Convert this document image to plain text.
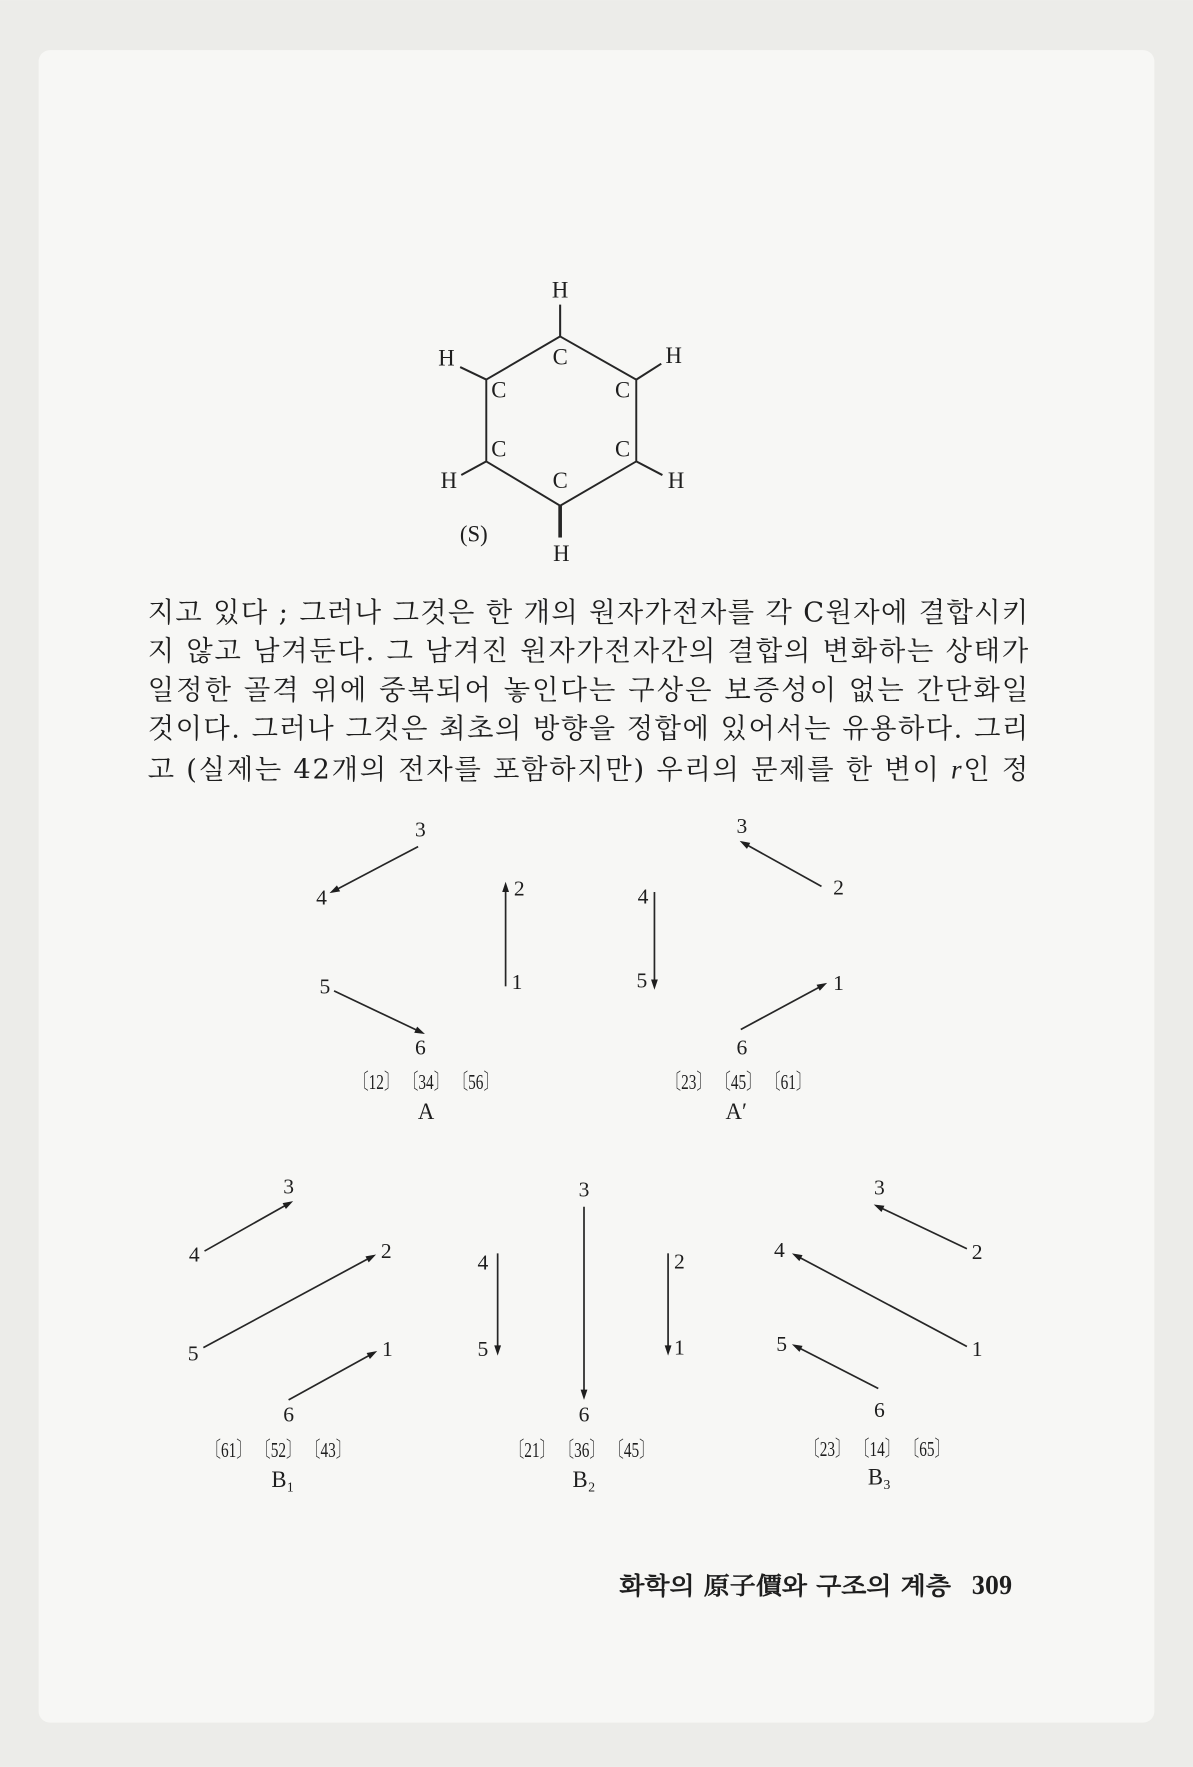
H
H	H
H	H
H
C
C	C
C	C
C
(S)
지고 있다 ; 그러나 그것은 한 개의 원자가전자를 각 C원자에 결합시키
지 않고 남겨둔다. 그 남겨진 원자가전자간의 결합의 변화하는 상태가
일정한 골격 위에 중복되어 놓인다는 구상은 보증성이 없는 간단화일
것이다. 그러나 그것은 최초의 방향을 정합에 있어서는 유용하다. 그리
고 (실제는 42개의 전자를 포함하지만) 우리의 문제를 한 변이 r인 정
1
2
3
4
5
6
〔12〕 〔34〕 〔56〕
A
1
2
3
4
5
6
〔23〕 〔45〕 〔61〕
A′
1
2
3
4
5
6
〔61〕 〔52〕 〔43〕
B₁
1
2
3
4
5
6
〔21〕 〔36〕 〔45〕
B₂
1
2
3
4
5
6
〔23〕 〔14〕 〔65〕
B₃
화학의 原子價와 구조의 계층 309
